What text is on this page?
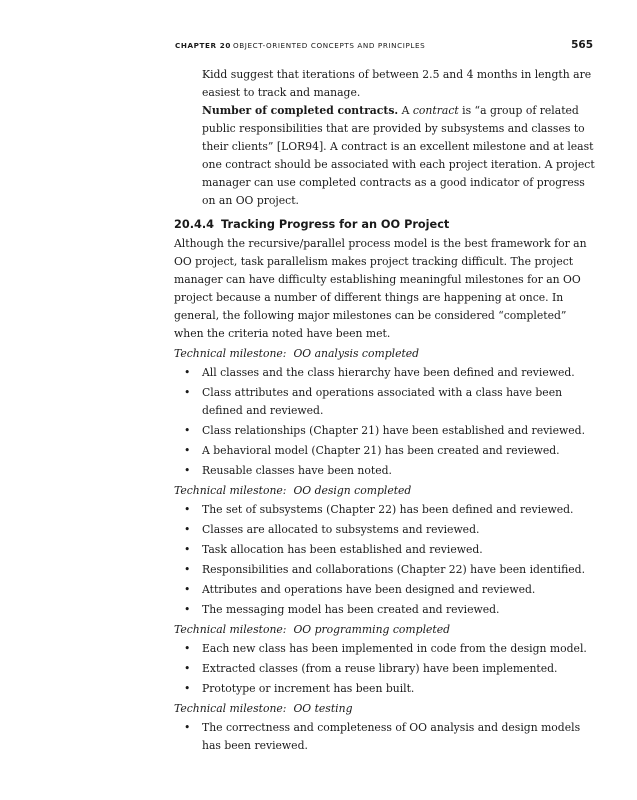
CHAPTER 20 OBJECT-ORIENTED CONCEPTS AND PRINCIPLES	565

Kidd suggest that iterations of between 2.5 and 4 months in length are easiest to track and manage.

Number of completed contracts. A contract is “a group of related public responsibilities that are provided by subsystems and classes to their clients” [LOR94]. A contract is an excellent milestone and at least one contract should be associated with each project iteration. A project manager can use completed contracts as a good indicator of progress on an OO project.

20.4.4 Tracking Progress for an OO Project

Although the recursive/parallel process model is the best framework for an OO project, task parallelism makes project tracking difficult. The project manager can have difficulty establishing meaningful milestones for an OO project because a number of different things are happening at once. In general, the following major milestones can be considered “completed” when the criteria noted have been met.

Technical milestone: OO analysis completed
• All classes and the class hierarchy have been defined and reviewed.
• Class attributes and operations associated with a class have been defined and reviewed.
• Class relationships (Chapter 21) have been established and reviewed.
• A behavioral model (Chapter 21) has been created and reviewed.
• Reusable classes have been noted.
Technical milestone: OO design completed
• The set of subsystems (Chapter 22) has been defined and reviewed.
• Classes are allocated to subsystems and reviewed.
• Task allocation has been established and reviewed.
• Responsibilities and collaborations (Chapter 22) have been identified.
• Attributes and operations have been designed and reviewed.
• The messaging model has been created and reviewed.
Technical milestone: OO programming completed
• Each new class has been implemented in code from the design model.
• Extracted classes (from a reuse library) have been implemented.
• Prototype or increment has been built.
Technical milestone: OO testing
• The correctness and completeness of OO analysis and design models has been reviewed.
